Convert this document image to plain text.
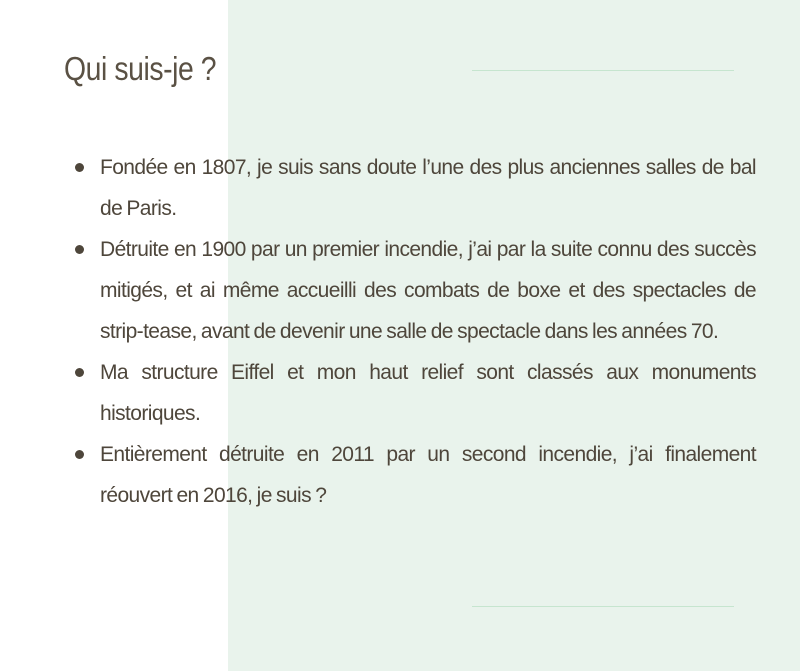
Qui suis-je ?
Fondée en 1807, je suis sans doute l’une des plus anciennes salles de bal de Paris.
Détruite en 1900 par un premier incendie, j’ai par la suite connu des succès mitigés, et ai même accueilli des combats de boxe et des spectacles de strip-tease, avant de devenir une salle de spectacle dans les années 70.
Ma structure Eiffel et mon haut relief sont classés aux monuments historiques.
Entièrement détruite en 2011 par un second incendie, j’ai finalement réouvert en 2016, je suis ?
